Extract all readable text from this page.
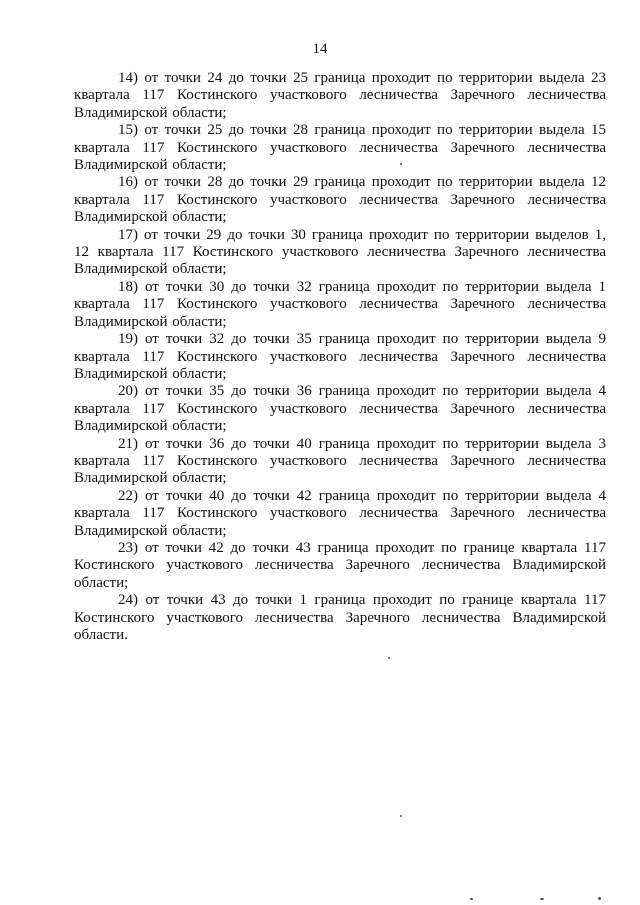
14

14) от точки 24 до точки 25 граница проходит по территории выдела 23 квартала 117 Костинского участкового лесничества Заречного лесничества Владимирской области;

15) от точки 25 до точки 28 граница проходит по территории выдела 15 квартала 117 Костинского участкового лесничества Заречного лесничества Владимирской области;

16) от точки 28 до точки 29 граница проходит по территории выдела 12 квартала 117 Костинского участкового лесничества Заречного лесничества Владимирской области;

17) от точки 29 до точки 30 граница проходит по территории выделов 1, 12 квартала 117 Костинского участкового лесничества Заречного лесничества Владимирской области;

18) от точки 30 до точки 32 граница проходит по территории выдела 1 квартала 117 Костинского участкового лесничества Заречного лесничества Владимирской области;

19) от точки 32 до точки 35 граница проходит по территории выдела 9 квартала 117 Костинского участкового лесничества Заречного лесничества Владимирской области;

20) от точки 35 до точки 36 граница проходит по территории выдела 4 квартала 117 Костинского участкового лесничества Заречного лесничества Владимирской области;

21) от точки 36 до точки 40 граница проходит по территории выдела 3 квартала 117 Костинского участкового лесничества Заречного лесничества Владимирской области;

22) от точки 40 до точки 42 граница проходит по территории выдела 4 квартала 117 Костинского участкового лесничества Заречного лесничества Владимирской области;

23) от точки 42 до точки 43 граница проходит по границе квартала 117 Костинского участкового лесничества Заречного лесничества Владимирской области;

24) от точки 43 до точки 1 граница проходит по границе квартала 117 Костинского участкового лесничества Заречного лесничества Владимирской области.
